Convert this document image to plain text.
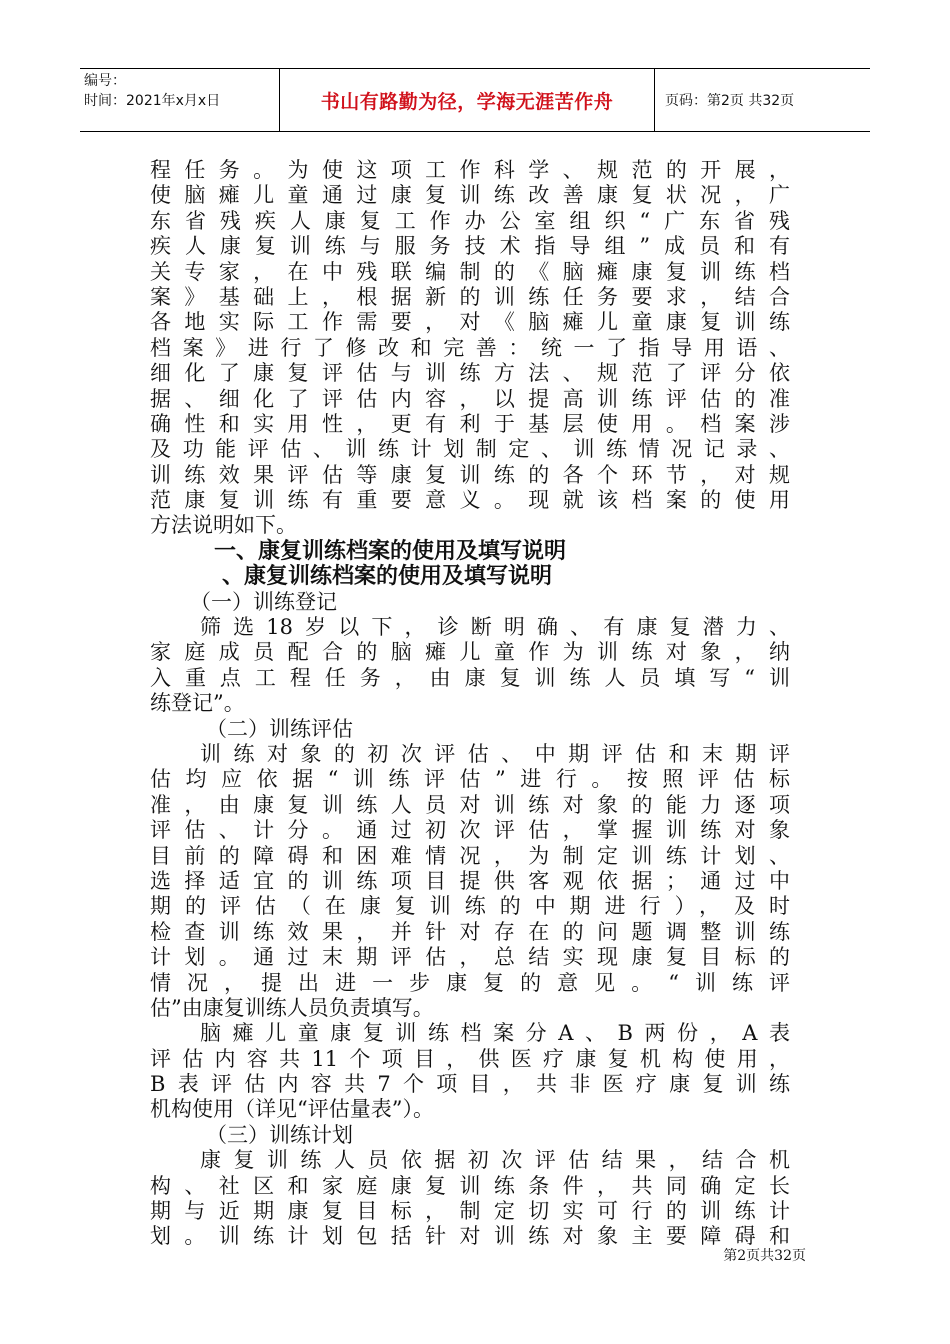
编号：
时间：2021年x月x日	书山有路勤为径，学海无涯苦作舟	页码：第2页 共32页
程任务。为使这项工作科学、规范的开展，
使脑瘫儿童通过康复训练改善康复状况，广
东省残疾人康复工作办公室组织“广东省残
疾人康复训练与服务技术指导组”成员和有
关专家，在中残联编制的《脑瘫康复训练档
案》基础上，根据新的训练任务要求，结合
各地实际工作需要，对《脑瘫儿童康复训练
档案》进行了修改和完善：统一了指导用语、
细化了康复评估与训练方法、规范了评分依
据、细化了评估内容，以提高训练评估的准
确性和实用性，更有利于基层使用。档案涉
及功能评估、训练计划制定、训练情况记录、
训练效果评估等康复训练的各个环节，对规
范康复训练有重要意义。现就该档案的使用
方法说明如下。
一、康复训练档案的使用及填写说明
、康复训练档案的使用及填写说明
（一）训练登记
筛选18岁以下，诊断明确、有康复潜力、
家庭成员配合的脑瘫儿童作为训练对象，纳
入重点工程任务，由康复训练人员填写“训
练登记”。
（二）训练评估
训练对象的初次评估、中期评估和末期评
估均应依据“训练评估”进行。按照评估标
准，由康复训练人员对训练对象的能力逐项
评估、计分。通过初次评估，掌握训练对象
目前的障碍和困难情况，为制定训练计划、
选择适宜的训练项目提供客观依据；通过中
期的评估（在康复训练的中期进行），及时
检查训练效果，并针对存在的问题调整训练
计划。通过末期评估，总结实现康复目标的
情况，提出进一步康复的意见。“训练评
估”由康复训练人员负责填写。
脑瘫儿童康复训练档案分A、B两份，A表
评估内容共11个项目，供医疗康复机构使用，
B表评估内容共7个项目，共非医疗康复训练
机构使用（详见“评估量表”）。
（三）训练计划
康复训练人员依据初次评估结果，结合机
构、社区和家庭康复训练条件，共同确定长
期与近期康复目标，制定切实可行的训练计
划。训练计划包括针对训练对象主要障碍和
第2页共32页
